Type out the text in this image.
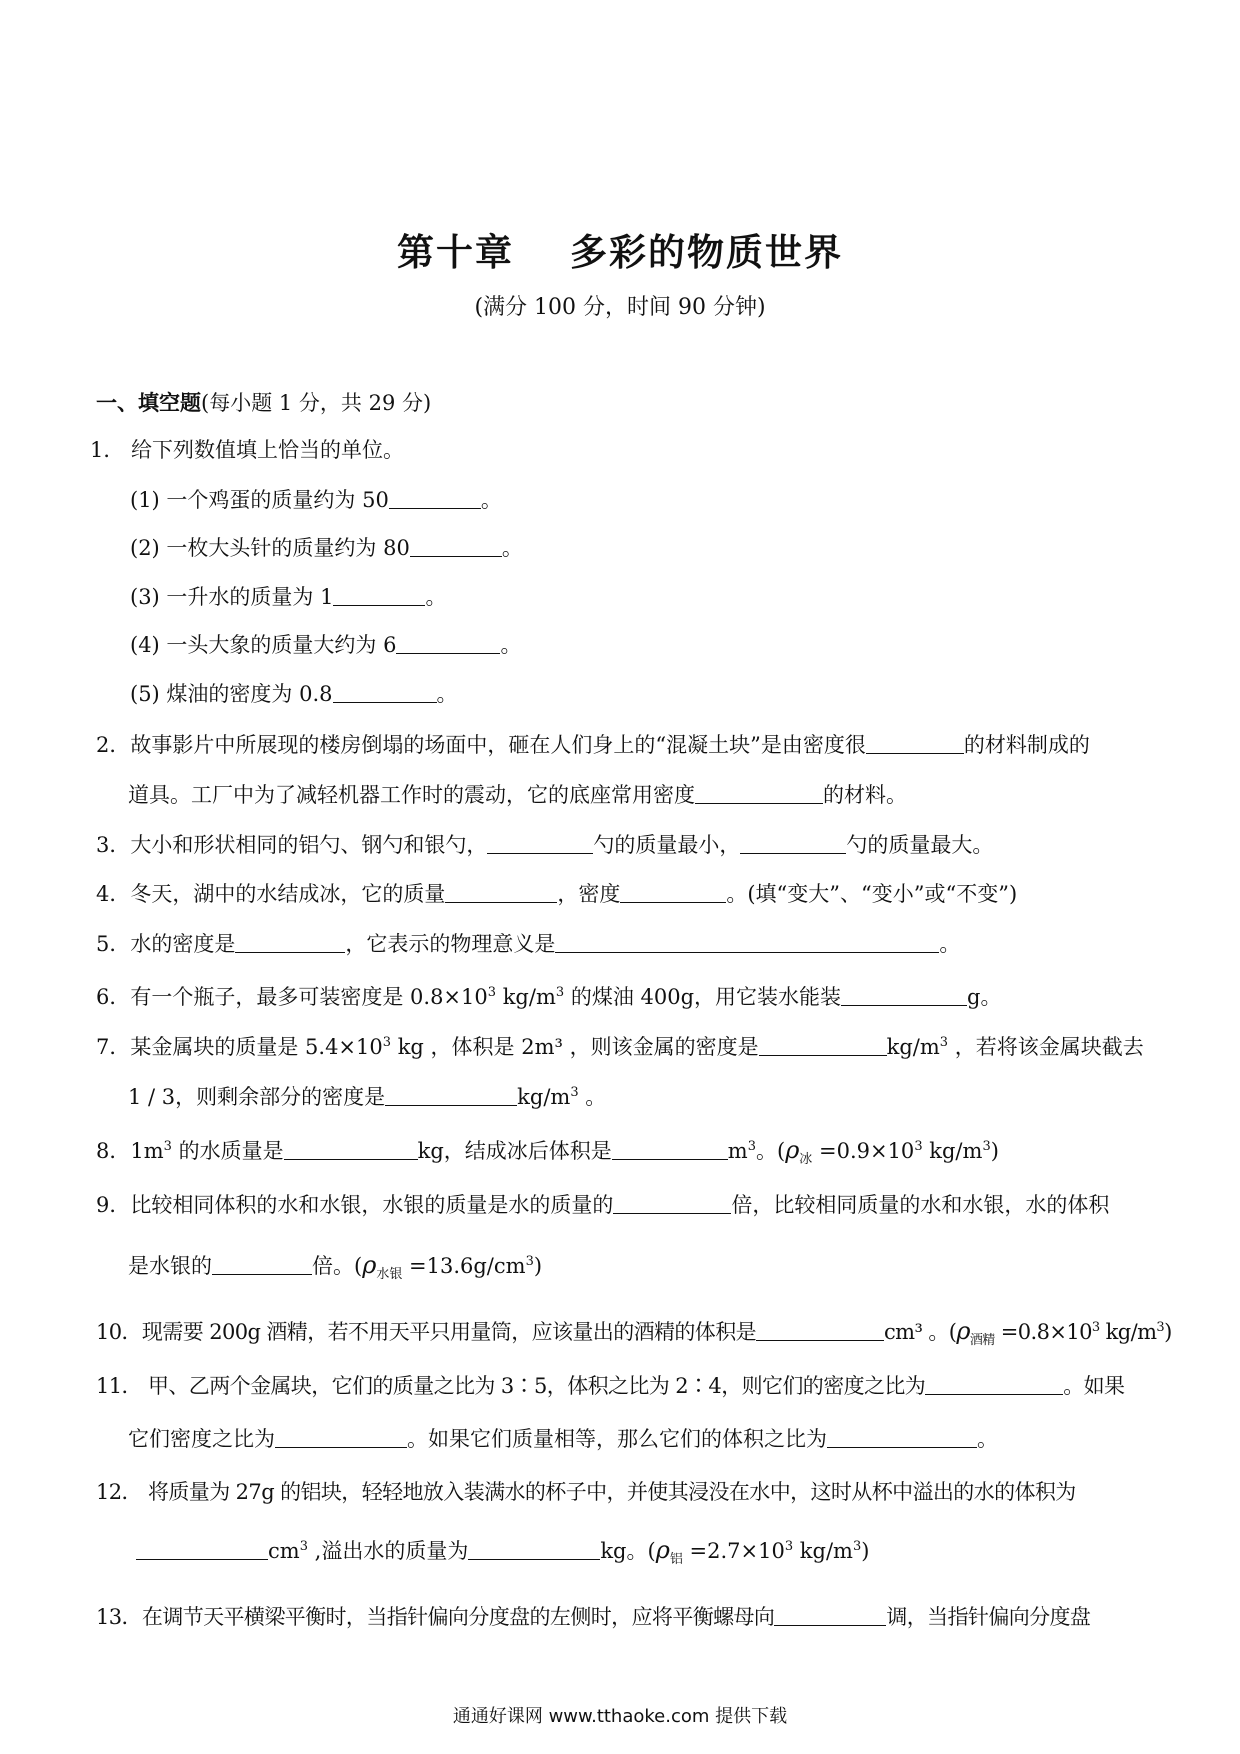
第十章 多彩的物质世界
(满分 100 分，时间 90 分钟)
一、填空题(每小题 1 分，共 29 分)
1． 给下列数值填上恰当的单位。
(1) 一个鸡蛋的质量约为 50	。
(2) 一枚大头针的质量约为 80	。
(3) 一升水的质量为 1	。
(4) 一头大象的质量大约为 6	。
(5) 煤油的密度为 0.8	。
2．故事影片中所展现的楼房倒塌的场面中，砸在人们身上的“混凝土块”是由密度很	的材料制成的
道具。工厂中为了减轻机器工作时的震动，它的底座常用密度	的材料。
3．大小和形状相同的铝勺、钢勺和银勺，	勺的质量最小，	勺的质量最大。
4．冬天，湖中的水结成冰，它的质量	，密度	。(填“变大”、“变小”或“不变”)
5．水的密度是	，它表示的物理意义是	。
6．有一个瓶子，最多可装密度是 $0.8\times 10^3$ $kg/m^3$ 的煤油 400g，用它装水能装	g。
7．某金属块的质量是 $5.4\times 10^3$ kg ，体积是 2m³ ，则该金属的密度是	$kg/m^3$ ，若将该金属块截去
1 / 3，则剩余部分的密度是	$kg/m^3$ 。
8．$1m^3$ 的水质量是	kg，结成冰后体积是	$m^3$。($\rho_冰 =0.9\times 10^3$ $kg/m^3$)
9．比较相同体积的水和水银，水银的质量是水的质量的	倍，比较相同质量的水和水银，水的体积
是水银的	倍。$(\rho_{水银} =13.6g/cm^3)$
10．现需要 200g 酒精，若不用天平只用量筒，应该量出的酒精的体积是	cm³ 。($\rho_{酒精} =0.8\times 10^3$ $kg/m^3$)
11． 甲、乙两个金属块，它们的质量之比为 3∶5，体积之比为 2∶4，则它们的密度之比为	。如果
它们密度之比为	。如果它们质量相等，那么它们的体积之比为	。
12． 将质量为 27g 的铝块，轻轻地放入装满水的杯子中，并使其浸没在水中，这时从杯中溢出的水的体积为
$cm^3$ ,溢出水的质量为	kg。($\rho_铝 =2.7\times 10^3$ $kg/m^3$)
13．在调节天平横梁平衡时，当指针偏向分度盘的左侧时，应将平衡螺母向	调，当指针偏向分度盘
通通好课网 www.tthaoke.com 提供下载
